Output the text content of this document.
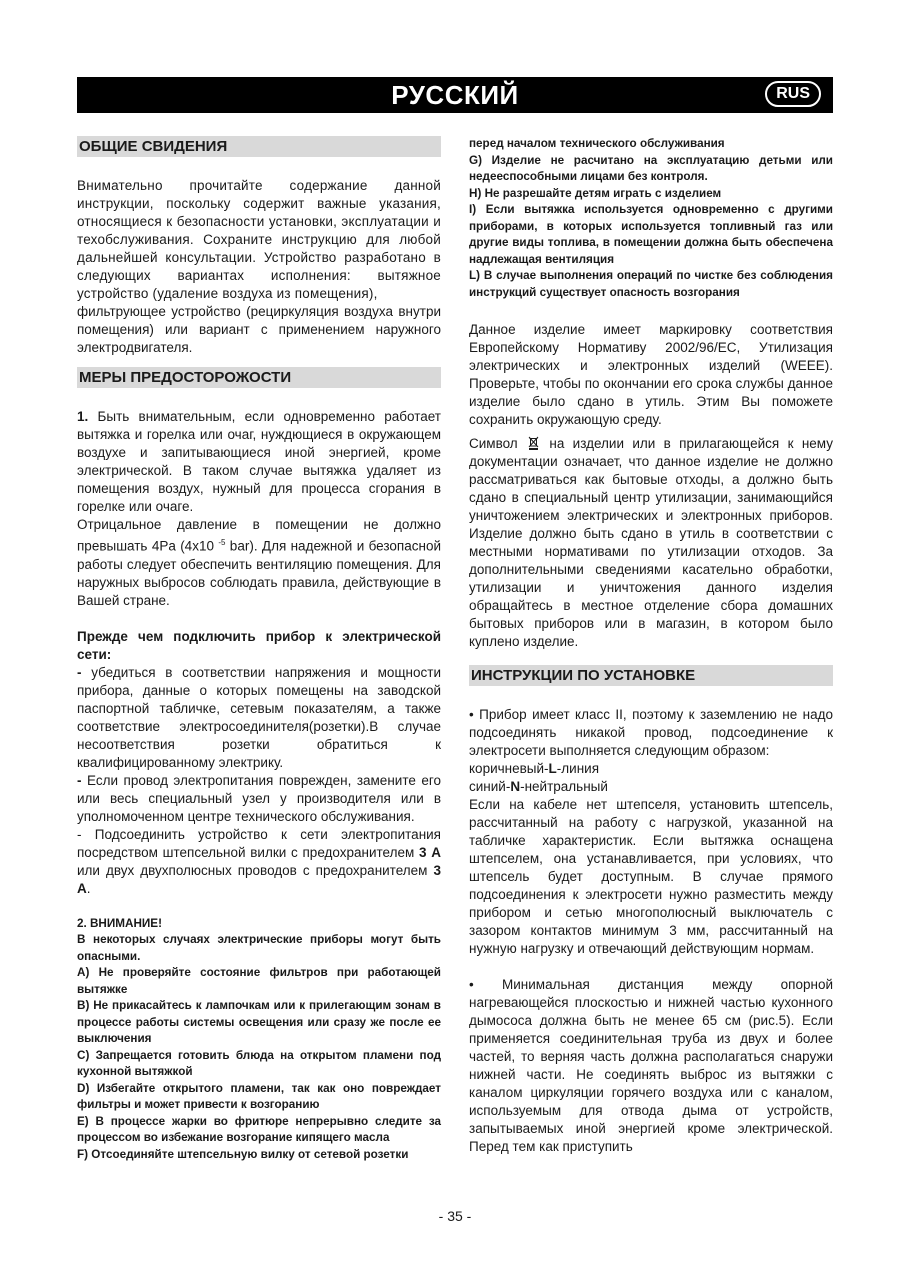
РУССКИЙ	RUS
ОБЩИЕ СВИДЕНИЯ

Внимательно прочитайте содержание данной инструкции, поскольку содержит важные указания, относящиеся к безопасности установки, эксплуатации и техобслуживания. Сохраните инструкцию для любой дальнейшей консультации. Устройство разработано в следующих вариантах исполнения: вытяжное устройство (удаление воздуха из помещения),

фильтрующее устройство (рециркуляция воздуха внутри помещения) или вариант с применением наружного электродвигателя.

МЕРЫ ПРЕДОСТОРОЖОСТИ

1. Быть внимательным, если одновременно работает вытяжка и горелка или очаг, нуждющиеся в окружающем воздухе и запитывающиеся иной энергией, кроме электрической. В таком случае вытяжка удаляет из помещения воздух, нужный для процесса сгорания в горелке или очаге.

Отрицальное давление в помещении не должно превышать 4Pa (4x10 $^{-5}$ bar). Для надежной и безопасной работы следует обеспечить вентиляцию помещения. Для наружных выбросов соблюдать правила, действующие в Вашей стране.

Прежде чем подключить прибор к электрической сети:

- убедиться в соответствии напряжения и мощности прибора, данные о которых помещены на заводской паспортной табличке, сетевым показателям, а также соответствие электросоединителя(розетки).В случае несоответствия розетки обратиться к квалифицированному электрику.

- Если провод электропитания поврежден, замените его или весь специальный узел у производителя или в уполномоченном центре технического обслуживания.

- Подсоединить устройство к сети электропитания посредством штепсельной вилки с предохранителем 3 А или двух двухполюсных проводов с предохранителем 3 А.

2. ВНИМАНИЕ!

В некоторых случаях электрические приборы могут быть опасными.

A) Не проверяйте состояние фильтров при работающей вытяжке

B) Не прикасайтесь к лампочкам или к прилегающим зонам в процессе работы системы освещения или сразу же после ее выключения

C) Запрещается готовить блюда на открытом пламени под кухонной вытяжкой

D) Избегайте открытого пламени, так как оно повреждает фильтры и может привести к возгоранию

E) В процессе жарки во фритюре непрерывно следите за процессом во избежание возгорание кипящего масла

F) Отсоединяйте штепсельную вилку от сетевой розетки

перед началом технического обслуживания

G) Изделие не расчитано на эксплуатацию детьми или недееспособными лицами без контроля.

H) Не разрешайте детям играть с изделием

I) Если вытяжка используется одновременно с другими приборами, в которых используется топливный газ или другие виды топлива, в помещении должна быть обеспечена надлежащая вентиляция

L) В случае выполнения операций по чистке без соблюдения инструкций существует опасность возгорания

Данное изделие имеет маркировку соответствия Европейскому Нормативу 2002/96/EC, Утилизация электрических и электронных изделий (WEEE). Проверьте, чтобы по окончании его срока службы данное изделие было сдано в утиль. Этим Вы поможете сохранить окружающую среду.

Символ  на изделии или в прилагающейся к нему документации означает, что данное изделие не должно рассматриваться как бытовые отходы, а должно быть сдано в специальный центр утилизации, занимающийся уничтожением электрических и электронных приборов. Изделие должно быть сдано в утиль в соответствии с местными нормативами по утилизации отходов. За дополнительными сведениями касательно обработки, утилизации и уничтожения данного изделия обращайтесь в местное отделение сбора домашних бытовых приборов или в магазин, в котором было куплено изделие.

ИНСТРУКЦИИ ПО УСТАНОВКЕ

• Прибор имеет класс II, поэтому к заземлению не надо подсоединять никакой провод, подсоединение к электросети выполняется следующим образом:

коричневый-L-линия

синий-N-нейтральный

Если на кабеле нет штепселя, установить штепсель, рассчитанный на работу с нагрузкой, указанной на табличке характеристик. Если вытяжка оснащена штепселем, она устанавливается, при условиях, что штепсель будет доступным. В случае прямого подсоединения к электросети нужно разместить между прибором и сетью многополюсный выключатель с зазором контактов минимум 3 мм, рассчитанный на нужную нагрузку и отвечающий действующим нормам.

• Минимальная дистанция между опорной нагревающейся плоскостью и нижней частью кухонного дымососа должна быть не менее 65 см (рис.5). Если применяется соединительная труба из двух и более частей, то верняя часть должна располагаться снаружи нижней части. Не соединять выброс из вытяжки с каналом циркуляции горячего воздуха или с каналом, используемым для отвода дыма от устройств, запытываемых иной энергией кроме электрической. Перед тем как приступить

- 35 -
